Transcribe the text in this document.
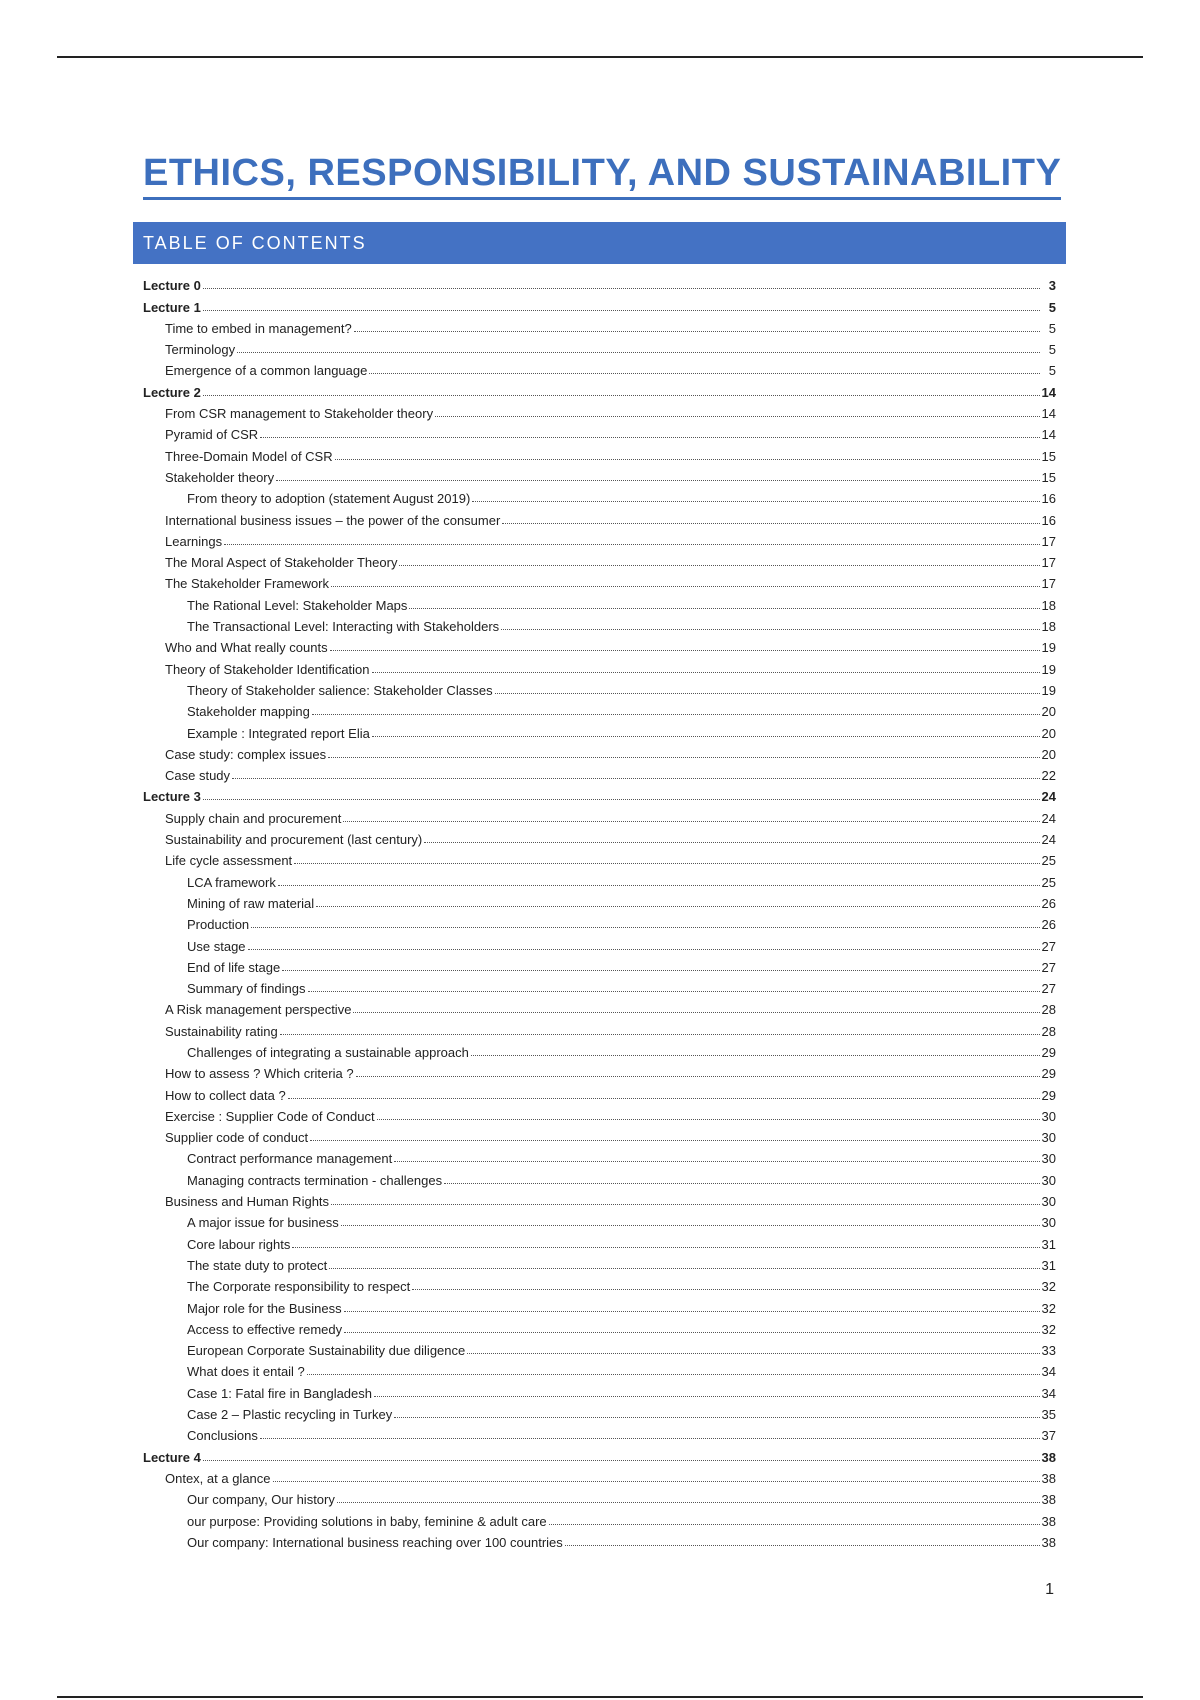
ETHICS, RESPONSIBILITY, AND SUSTAINABILITY
TABLE OF CONTENTS
Lecture 0	3
Lecture 1	5
Time to embed in management?	5
Terminology	5
Emergence of a common language	5
Lecture 2	14
From CSR management to Stakeholder theory	14
Pyramid of CSR	14
Three-Domain Model of CSR	15
Stakeholder theory	15
From theory to adoption (statement August 2019)	16
International business issues – the power of the consumer	16
Learnings	17
The Moral Aspect of Stakeholder Theory	17
The Stakeholder Framework	17
The Rational Level: Stakeholder Maps	18
The Transactional Level: Interacting with Stakeholders	18
Who and What really counts	19
Theory of Stakeholder Identification	19
Theory of Stakeholder salience: Stakeholder Classes	19
Stakeholder mapping	20
Example : Integrated report Elia	20
Case study: complex issues	20
Case study	22
Lecture 3	24
Supply chain and procurement	24
Sustainability and procurement (last century)	24
Life cycle assessment	25
LCA framework	25
Mining of raw material	26
Production	26
Use stage	27
End of life stage	27
Summary of findings	27
A Risk management perspective	28
Sustainability rating	28
Challenges of integrating a sustainable approach	29
How to assess ? Which criteria ?	29
How to collect data ?	29
Exercise : Supplier Code of Conduct	30
Supplier code of conduct	30
Contract performance management	30
Managing contracts termination - challenges	30
Business and Human Rights	30
A major issue for business	30
Core labour rights	31
The state duty to protect	31
The Corporate responsibility to respect	32
Major role for the Business	32
Access to effective remedy	32
European Corporate Sustainability due diligence	33
What does it entail ?	34
Case 1: Fatal fire in Bangladesh	34
Case 2 – Plastic recycling in Turkey	35
Conclusions	37
Lecture 4	38
Ontex, at a glance	38
Our company, Our history	38
our purpose: Providing solutions in baby, feminine & adult care	38
Our company: International business reaching over 100 countries	38
1
